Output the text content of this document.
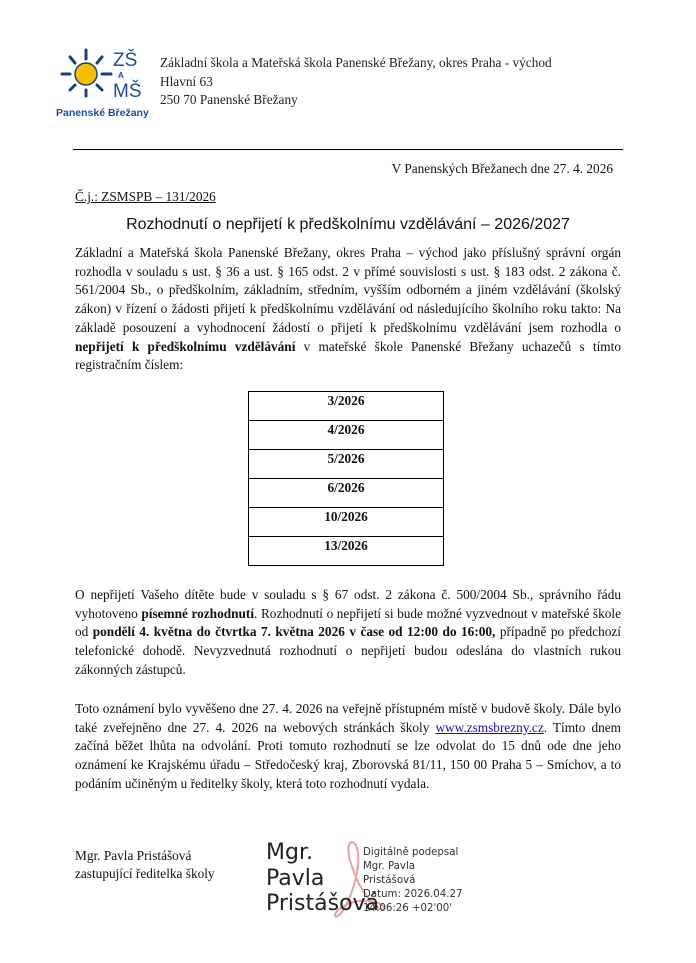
ZŠ
A
MŠ
Panenské Břežany
Základní škola a Mateřská škola Panenské Břežany, okres Praha - východ
Hlavní 63
250 70 Panenské Břežany
V Panenských Břežanech dne 27. 4. 2026
Č.j.: ZSMSPB – 131/2026
Rozhodnutí o nepřijetí k předškolnímu vzdělávání – 2026/2027
Základní a Mateřská škola Panenské Břežany, okres Praha – východ jako příslušný správní orgán rozhodla v souladu s ust. § 36 a ust. § 165 odst. 2 v přímé souvislosti s ust. § 183 odst. 2 zákona č. 561/2004 Sb., o předškolním, základním, středním, vyšším odborném a jiném vzdělávání (školský zákon) v řízení o žádosti přijetí k předškolnímu vzdělávání od následujícího školního roku takto: Na základě posouzení a vyhodnocení žádostí o přijetí k předškolnímu vzdělávání jsem rozhodla o nepřijetí k předškolnímu vzdělávání v mateřské škole Panenské Břežany uchazečů s tímto registračním číslem:
3/2026
4/2026
5/2026
6/2026
10/2026
13/2026
O nepřijetí Vašeho dítěte bude v souladu s § 67 odst. 2 zákona č. 500/2004 Sb., správního řádu vyhotoveno písemné rozhodnutí. Rozhodnutí o nepřijetí si bude možné vyzvednout v mateřské škole od pondělí 4. května do čtvrtka 7. května 2026 v čase od 12:00 do 16:00, případně po předchozí telefonické dohodě. Nevyzvednutá rozhodnutí o nepřijetí budou odeslána do vlastních rukou zákonných zástupců.
Toto oznámení bylo vyvěšeno dne 27. 4. 2026 na veřejně přístupném místě v budově školy. Dále bylo také zveřejněno dne 27. 4. 2026 na webových stránkách školy www.zsmsbrezny.cz. Tímto dnem začíná běžet lhůta na odvolání. Proti tomuto rozhodnutí se lze odvolat do 15 dnů ode dne jeho oznámení ke Krajskému úřadu – Středočeský kraj, Zborovská 81/11, 150 00 Praha 5 – Smíchov, a to podáním učiněným u ředitelky školy, která toto rozhodnutí vydala.
Mgr. Pavla Pristášová
zastupující ředitelka školy
Mgr.
Pavla
Pristášová
Digitálně podepsal
Mgr. Pavla
Pristášová
Datum: 2026.04.27
14:06:26 +02'00'
